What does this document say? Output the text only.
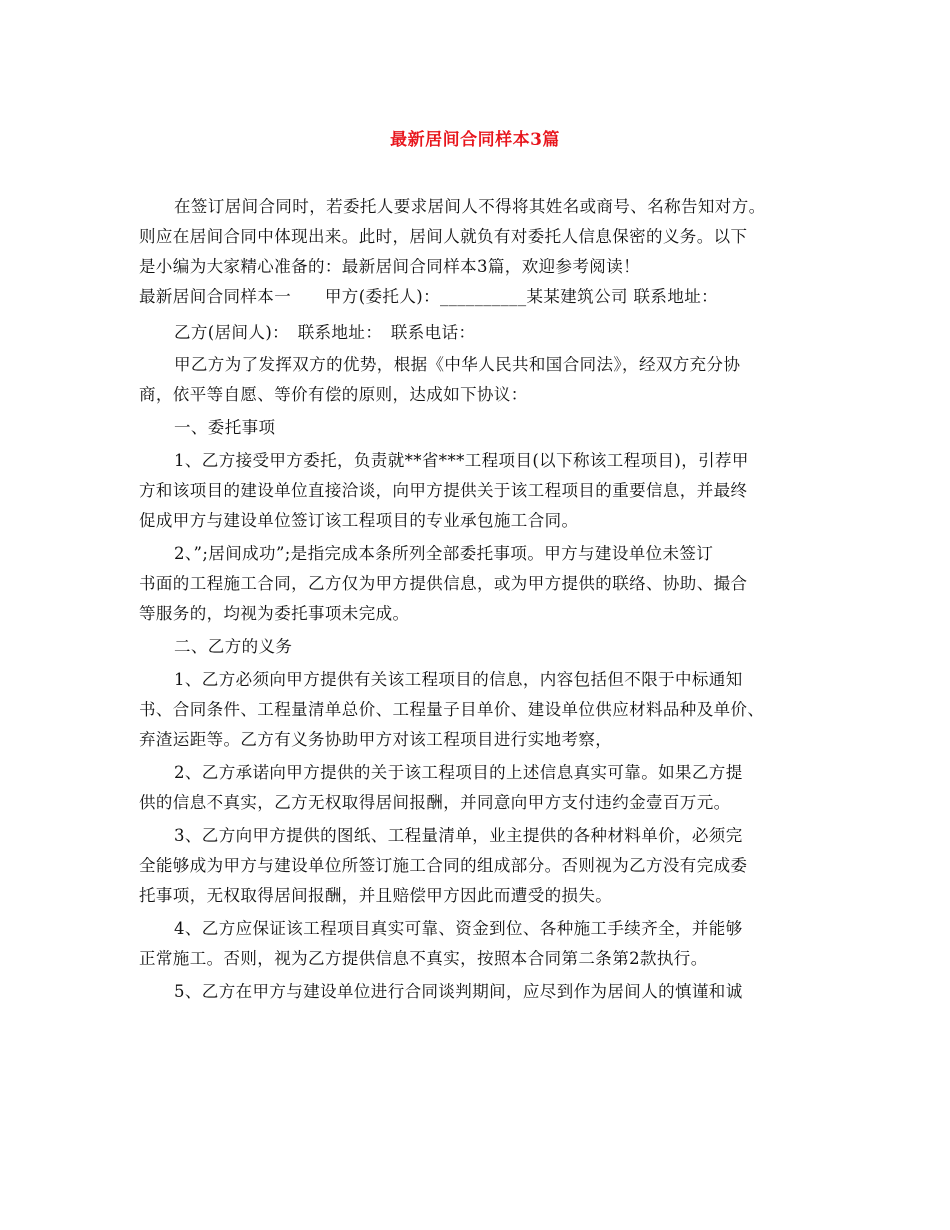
最新居间合同样本3篇
在签订居间合同时，若委托人要求居间人不得将其姓名或商号、名称告知对方。
则应在居间合同中体现出来。此时，居间人就负有对委托人信息保密的义务。以下
是小编为大家精心准备的：最新居间合同样本3篇，欢迎参考阅读！
最新居间合同样本一　　甲方(委托人)：__________某某建筑公司 联系地址：
乙方(居间人)：　联系地址：　联系电话：
甲乙方为了发挥双方的优势，根据《中华人民共和国合同法》，经双方充分协
商，依平等自愿、等价有偿的原则，达成如下协议：
一、委托事项
1、乙方接受甲方委托，负责就**省***工程项目(以下称该工程项目)，引荐甲
方和该项目的建设单位直接洽谈，向甲方提供关于该工程项目的重要信息，并最终
促成甲方与建设单位签订该工程项目的专业承包施工合同。
2、”;居间成功”;是指完成本条所列全部委托事项。甲方与建设单位未签订
书面的工程施工合同，乙方仅为甲方提供信息，或为甲方提供的联络、协助、撮合
等服务的，均视为委托事项未完成。
二、乙方的义务
1、乙方必须向甲方提供有关该工程项目的信息，内容包括但不限于中标通知
书、合同条件、工程量清单总价、工程量子目单价、建设单位供应材料品种及单价、
弃渣运距等。乙方有义务协助甲方对该工程项目进行实地考察，
2、乙方承诺向甲方提供的关于该工程项目的上述信息真实可靠。如果乙方提
供的信息不真实，乙方无权取得居间报酬，并同意向甲方支付违约金壹百万元。
3、乙方向甲方提供的图纸、工程量清单，业主提供的各种材料单价，必须完
全能够成为甲方与建设单位所签订施工合同的组成部分。否则视为乙方没有完成委
托事项，无权取得居间报酬，并且赔偿甲方因此而遭受的损失。
4、乙方应保证该工程项目真实可靠、资金到位、各种施工手续齐全，并能够
正常施工。否则，视为乙方提供信息不真实，按照本合同第二条第2款执行。
5、乙方在甲方与建设单位进行合同谈判期间，应尽到作为居间人的慎谨和诚
